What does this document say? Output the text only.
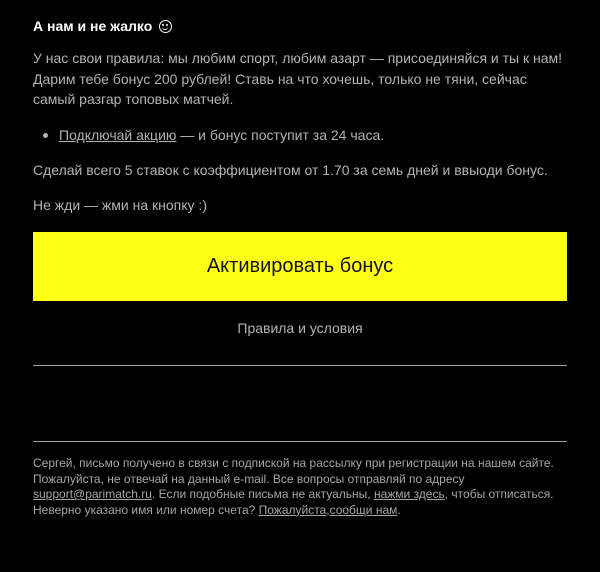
А нам и не жалко
У нас свои правила: мы любим спорт, любим азарт — присоединяйся и ты к нам!
Дарим тебе бонус 200 рублей! Ставь на что хочешь, только не тяни, сейчас
самый разгар топовых матчей.
Подключай акцию — и бонус поступит за 24 часа.
Сделай всего 5 ставок с коэффициентом от 1.70 за семь дней и ввыоди бонус.
Не жди — жми на кнопку :)
Активировать бонус
Правила и условия
Сергей, письмо получено в связи с подпиской на рассылку при регистрации на нашем сайте.
Пожалуйста, не отвечай на данный e-mail. Все вопросы отправляй по адресу
support@parimatch.ru. Если подобные письма не актуальны, нажми здесь, чтобы отписаться.
Неверно указано имя или номер счета? Пожалуйста,сообщи нам.
